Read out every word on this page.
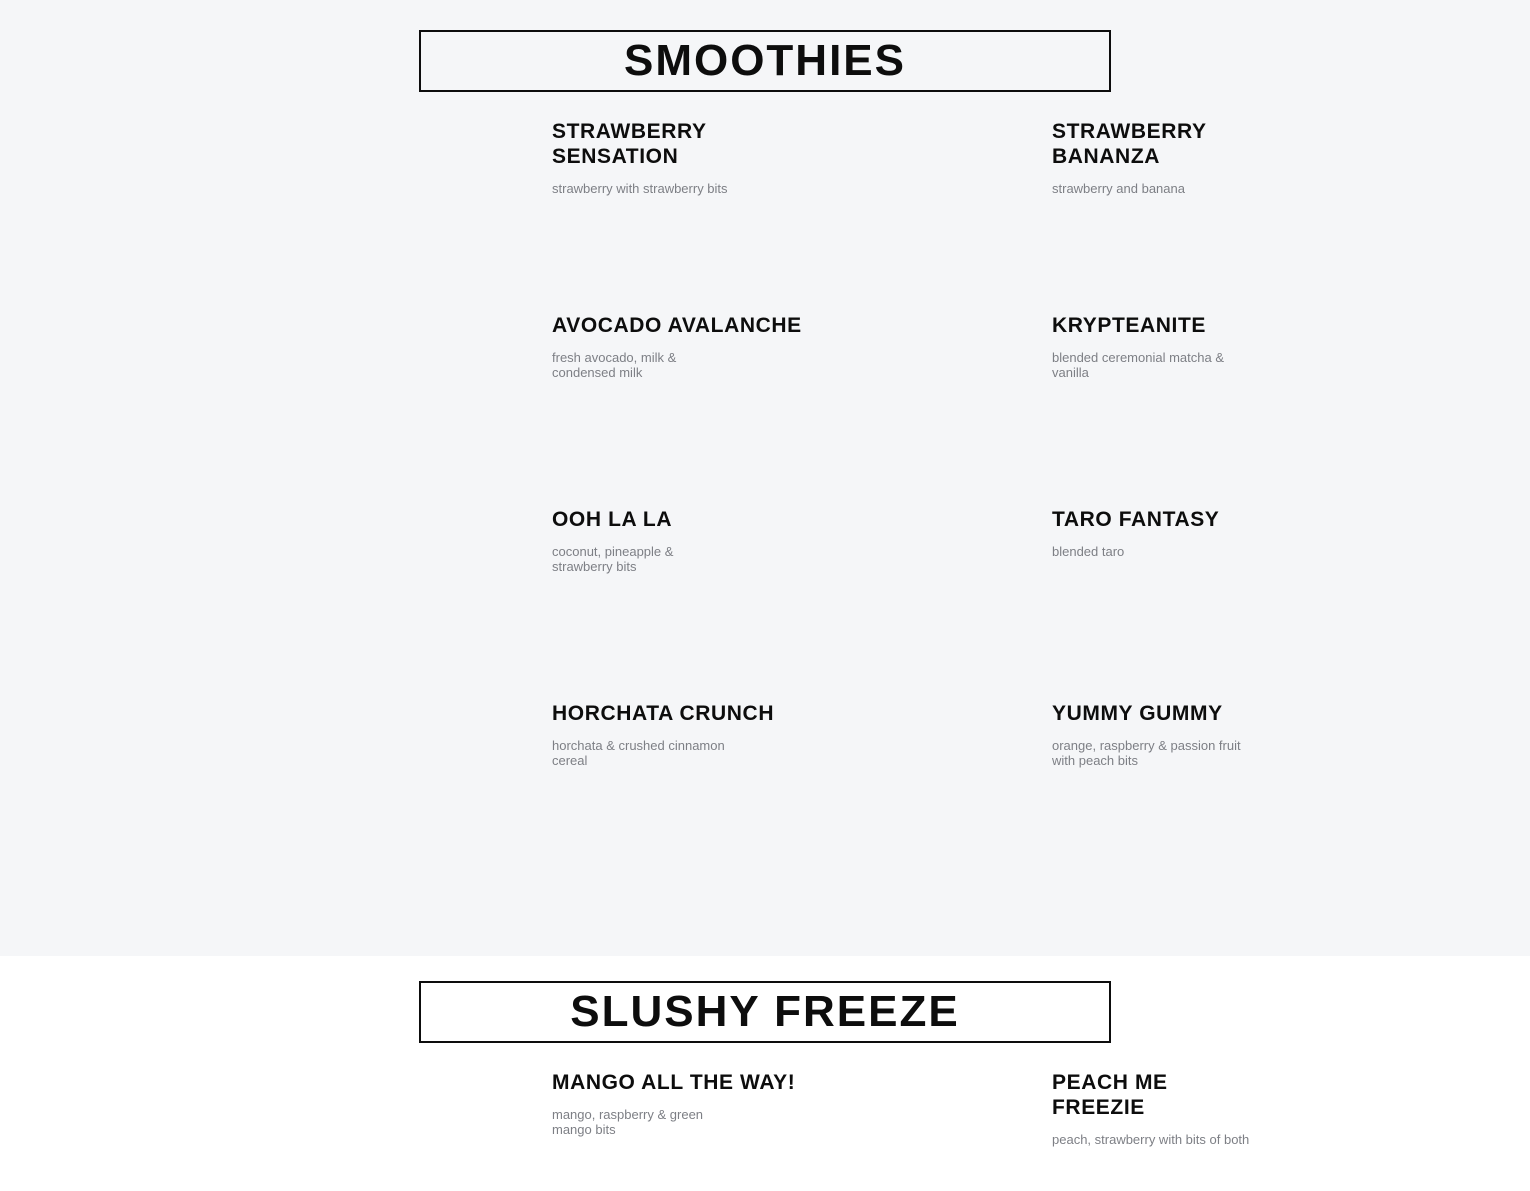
SMOOTHIES
STRAWBERRY SENSATION
strawberry with strawberry bits
STRAWBERRY BANANZA
strawberry and banana
AVOCADO AVALANCHE
fresh avocado, milk & condensed milk
KRYPTEANITE
blended ceremonial matcha & vanilla
OOH LA LA
coconut, pineapple & strawberry bits
TARO FANTASY
blended taro
HORCHATA CRUNCH
horchata & crushed cinnamon cereal
YUMMY GUMMY
orange, raspberry & passion fruit with peach bits
SLUSHY FREEZE
MANGO ALL THE WAY!
mango, raspberry & green mango bits
PEACH ME FREEZIE
peach, strawberry with bits of both
